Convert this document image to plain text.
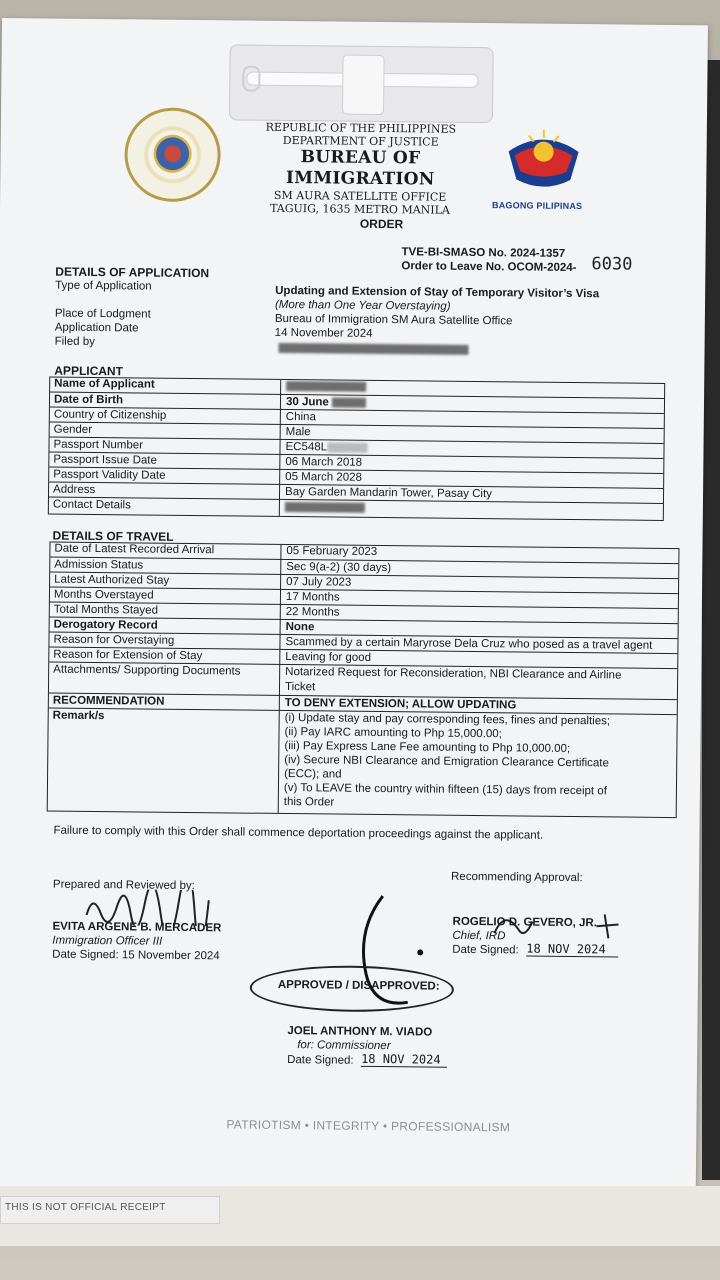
REPUBLIC OF THE PHILIPPINES
DEPARTMENT OF JUSTICE
BUREAU OF IMMIGRATION
SM AURA SATELLITE OFFICE
TAGUIG, 1635 METRO MANILA	BAGONG PILIPINAS
ORDER
TVE-BI-SMASO No. 2024-1357
Order to Leave No. OCOM-2024- 6030
DETAILS OF APPLICATION
Type of Application	Updating and Extension of Stay of Temporary Visitor’s Visa
(More than One Year Overstaying)
Place of Lodgment	Bureau of Immigration SM Aura Satellite Office
Application Date	14 November 2024
Filed by
APPLICANT
Name of Applicant
Date of Birth	30 June
Country of Citizenship	China
Gender	Male
Passport Number	EC548L
Passport Issue Date	06 March 2018
Passport Validity Date	05 March 2028
Address	Bay Garden Mandarin Tower, Pasay City
Contact Details
DETAILS OF TRAVEL
Date of Latest Recorded Arrival	05 February 2023
Admission Status	Sec 9(a-2) (30 days)
Latest Authorized Stay	07 July 2023
Months Overstayed	17 Months
Total Months Stayed	22 Months
Derogatory Record	None
Reason for Overstaying	Scammed by a certain Maryrose Dela Cruz who posed as a travel agent
Reason for Extension of Stay	Leaving for good
Attachments/ Supporting Documents	Notarized Request for Reconsideration, NBI Clearance and Airline
Ticket
RECOMMENDATION	TO DENY EXTENSION; ALLOW UPDATING
Remark/s	(i) Update stay and pay corresponding fees, fines and penalties;
(ii) Pay IARC amounting to Php 15,000.00;
(iii) Pay Express Lane Fee amounting to Php 10,000.00;
(iv) Secure NBI Clearance and Emigration Clearance Certificate
(ECC); and
(v) To LEAVE the country within fifteen (15) days from receipt of
this Order
Failure to comply with this Order shall commence deportation proceedings against the applicant.
Prepared and Reviewed by:
EVITA ARGENE B. MERCADER
Immigration Officer III
Date Signed: 15 November 2024
Recommending Approval:
ROGELIO D. GEVERO, JR.
Chief, IRD
Date Signed: 18 NOV 2024
APPROVED / DISAPPROVED:
JOEL ANTHONY M. VIADO
for: Commissioner
Date Signed: 18 NOV 2024
PATRIOTISM • INTEGRITY • PROFESSIONALISM
THIS IS NOT OFFICIAL RECEIPT
